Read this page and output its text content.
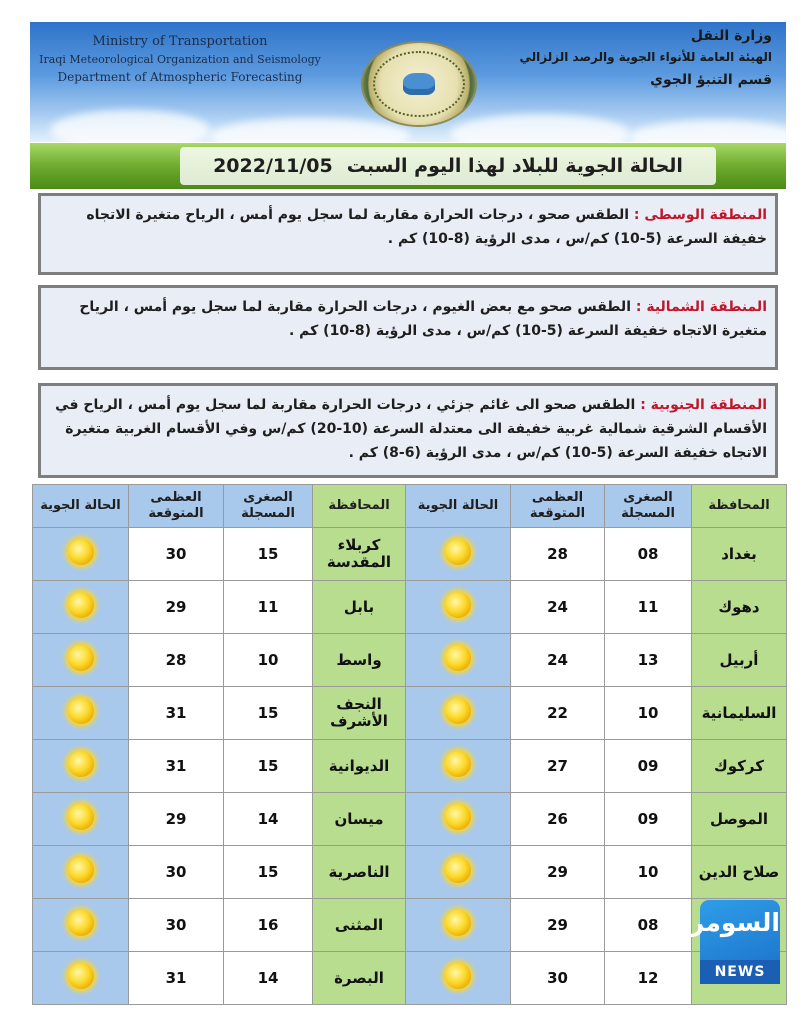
Ministry of Transportation
Iraqi Meteorological Organization and Seismology
Department of Atmospheric Forecasting
وزارة النقل
الهيئة العامة للأنواء الجوية والرصد الزلزالي
قسم التنبؤ الجوي
الحالة الجوية للبلاد لهذا اليوم السبت
2022/11/05
المنطقة الوسطى : الطقس صحو ، درجات الحرارة مقاربة لما سجل يوم أمس ، الرياح متغيرة الاتجاه خفيفة السرعة (5-10) كم/س ، مدى الرؤية (8-10) كم .
المنطقة الشمالية : الطقس صحو مع بعض الغيوم ، درجات الحرارة مقاربة لما سجل يوم أمس ، الرياح متغيرة الاتجاه خفيفة السرعة (5-10) كم/س ، مدى الرؤية (8-10) كم .
المنطقة الجنوبية : الطقس صحو الى غائم جزئي ، درجات الحرارة مقاربة لما سجل يوم أمس ، الرياح في الأقسام الشرقية شمالية غربية خفيفة الى معتدلة السرعة (10-20) كم/س وفي الأقسام الغربية متغيرة الاتجاه خفيفة السرعة (5-10) كم/س ، مدى الرؤية (6-8) كم .
الحالة الجوية	العظمى المتوقعة	الصغرى المسجلة	المحافظة	الحالة الجوية	العظمى المتوقعة	الصغرى المسجلة	المحافظة
	30	15	كربلاء المقدسة		28	08	بغداد
	29	11	بابل		24	11	دهوك
	28	10	واسط		24	13	أربيل
	31	15	النجف الأشرف		22	10	السليمانية
	31	15	الديوانية		27	09	كركوك
	29	14	ميسان		26	09	الموصل
	30	15	الناصرية		29	10	صلاح الدين
	30	16	المثنى		29	08	
	31	14	البصرة		30	12	
السومرية
NEWS
